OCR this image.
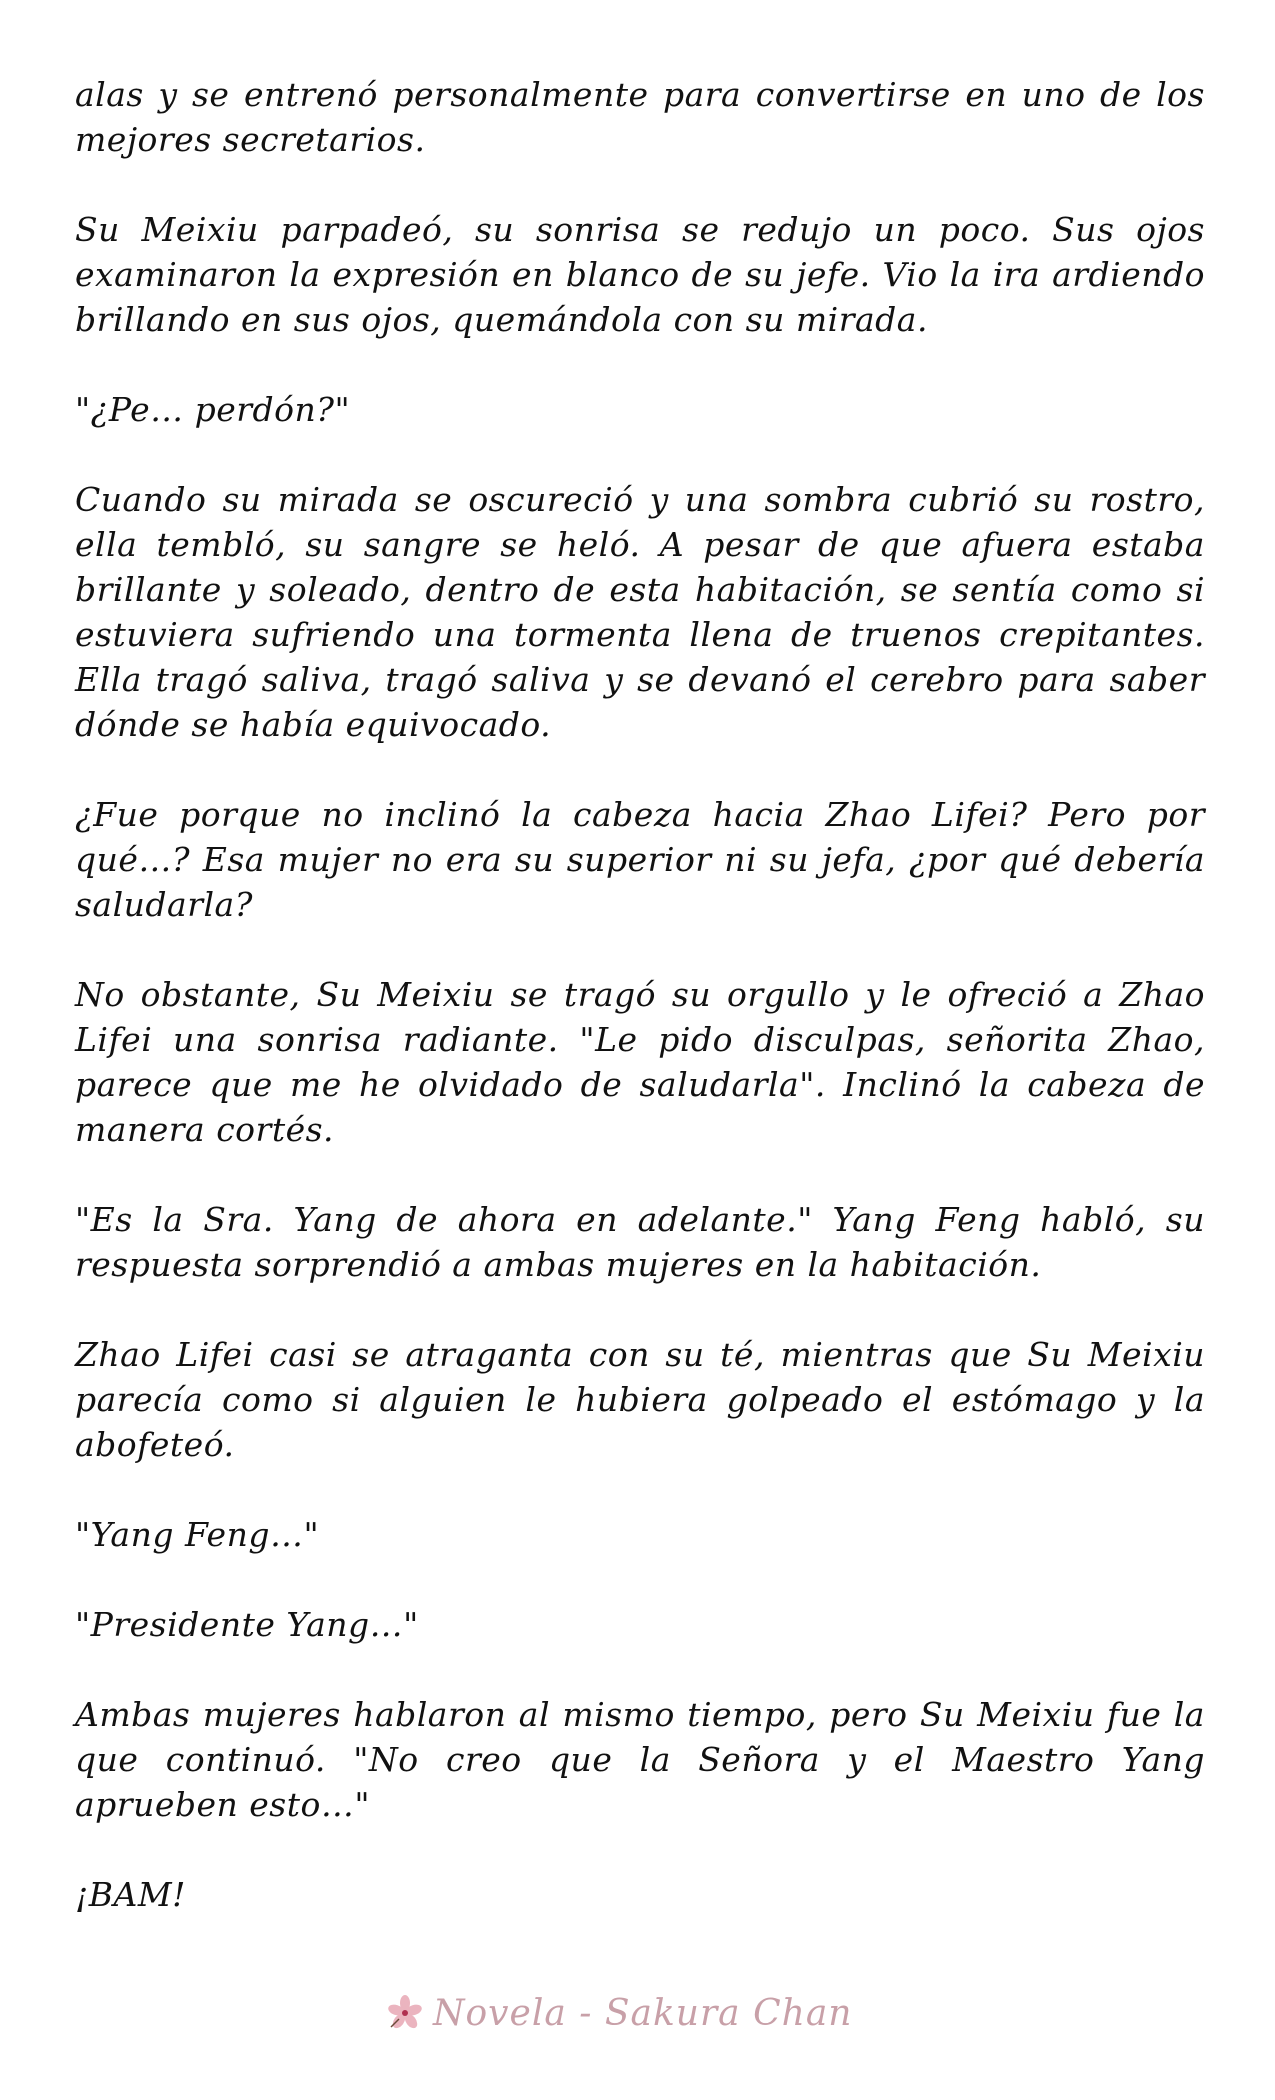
alas y se entrenó personalmente para convertirse en uno de los mejores secretarios.

Su Meixiu parpadeó, su sonrisa se redujo un poco. Sus ojos examinaron la expresión en blanco de su jefe. Vio la ira ardiendo brillando en sus ojos, quemándola con su mirada.

"¿Pe… perdón?"

Cuando su mirada se oscureció y una sombra cubrió su rostro, ella tembló, su sangre se heló. A pesar de que afuera estaba brillante y soleado, dentro de esta habitación, se sentía como si estuviera sufriendo una tormenta llena de truenos crepitantes. Ella tragó saliva, tragó saliva y se devanó el cerebro para saber dónde se había equivocado.

¿Fue porque no inclinó la cabeza hacia Zhao Lifei? Pero por qué…? Esa mujer no era su superior ni su jefa, ¿por qué debería saludarla?

No obstante, Su Meixiu se tragó su orgullo y le ofreció a Zhao Lifei una sonrisa radiante. "Le pido disculpas, señorita Zhao, parece que me he olvidado de saludarla". Inclinó la cabeza de manera cortés.

"Es la Sra. Yang de ahora en adelante." Yang Feng habló, su respuesta sorprendió a ambas mujeres en la habitación.

Zhao Lifei casi se atraganta con su té, mientras que Su Meixiu parecía como si alguien le hubiera golpeado el estómago y la abofeteó.

"Yang Feng…"

"Presidente Yang…"

Ambas mujeres hablaron al mismo tiempo, pero Su Meixiu fue la que continuó. "No creo que la Señora y el Maestro Yang aprueben esto…"

¡BAM!

Novela - Sakura Chan
